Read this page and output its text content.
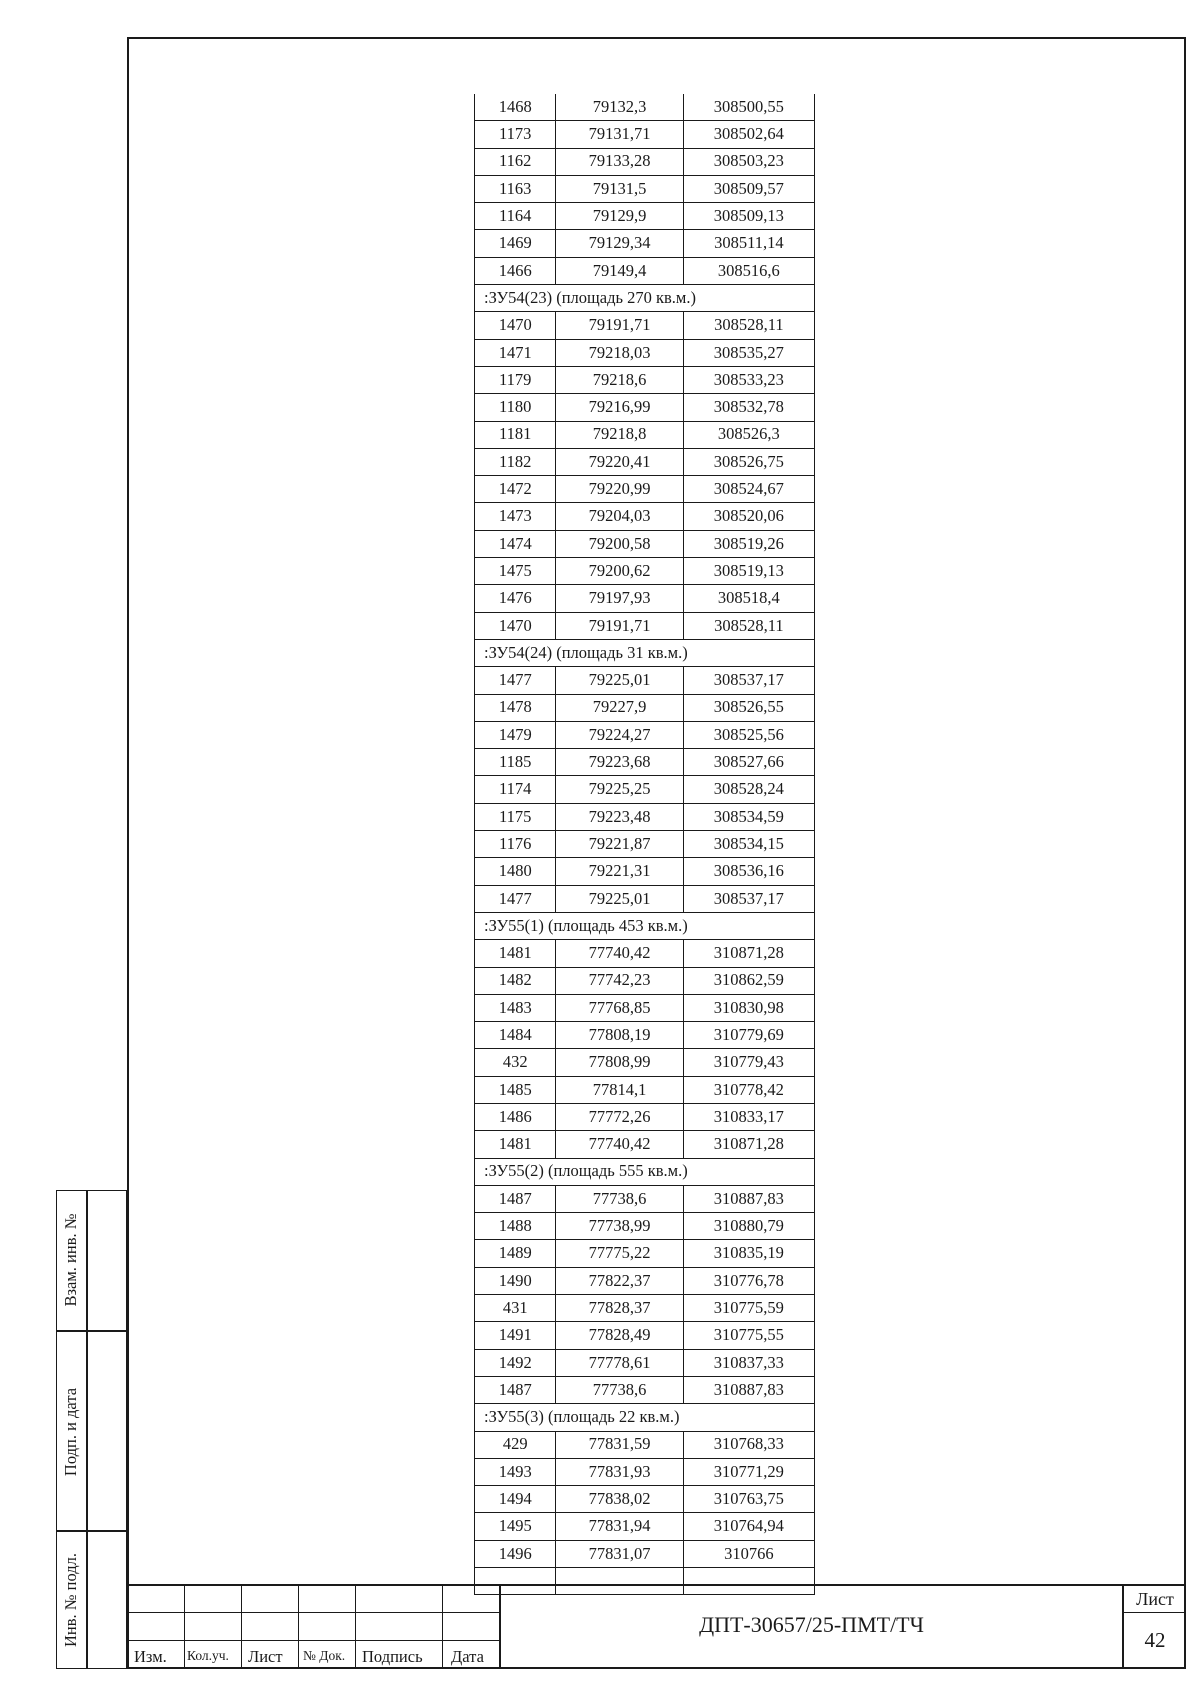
1468	79132,3	308500,55
1173	79131,71	308502,64
1162	79133,28	308503,23
1163	79131,5	308509,57
1164	79129,9	308509,13
1469	79129,34	308511,14
1466	79149,4	308516,6
:ЗУ54(23) (площадь 270 кв.м.)		
1470	79191,71	308528,11
1471	79218,03	308535,27
1179	79218,6	308533,23
1180	79216,99	308532,78
1181	79218,8	308526,3
1182	79220,41	308526,75
1472	79220,99	308524,67
1473	79204,03	308520,06
1474	79200,58	308519,26
1475	79200,62	308519,13
1476	79197,93	308518,4
1470	79191,71	308528,11
:ЗУ54(24) (площадь 31 кв.м.)		
1477	79225,01	308537,17
1478	79227,9	308526,55
1479	79224,27	308525,56
1185	79223,68	308527,66
1174	79225,25	308528,24
1175	79223,48	308534,59
1176	79221,87	308534,15
1480	79221,31	308536,16
1477	79225,01	308537,17
:ЗУ55(1) (площадь 453 кв.м.)		
1481	77740,42	310871,28
1482	77742,23	310862,59
1483	77768,85	310830,98
1484	77808,19	310779,69
432	77808,99	310779,43
1485	77814,1	310778,42
1486	77772,26	310833,17
1481	77740,42	310871,28
:ЗУ55(2) (площадь 555 кв.м.)		
1487	77738,6	310887,83
1488	77738,99	310880,79
1489	77775,22	310835,19
1490	77822,37	310776,78
431	77828,37	310775,59
1491	77828,49	310775,55
1492	77778,61	310837,33
1487	77738,6	310887,83
:ЗУ55(3) (площадь 22 кв.м.)		
429	77831,59	310768,33
1493	77831,93	310771,29
1494	77838,02	310763,75
1495	77831,94	310764,94
1496	77831,07	310766

Взам. инв. №
Подп. и дата
Инв. № подл.
Изм. Кол.уч. Лист № Док. Подпись Дата
ДПТ-30657/25-ПМТ/ТЧ
Лист
42
